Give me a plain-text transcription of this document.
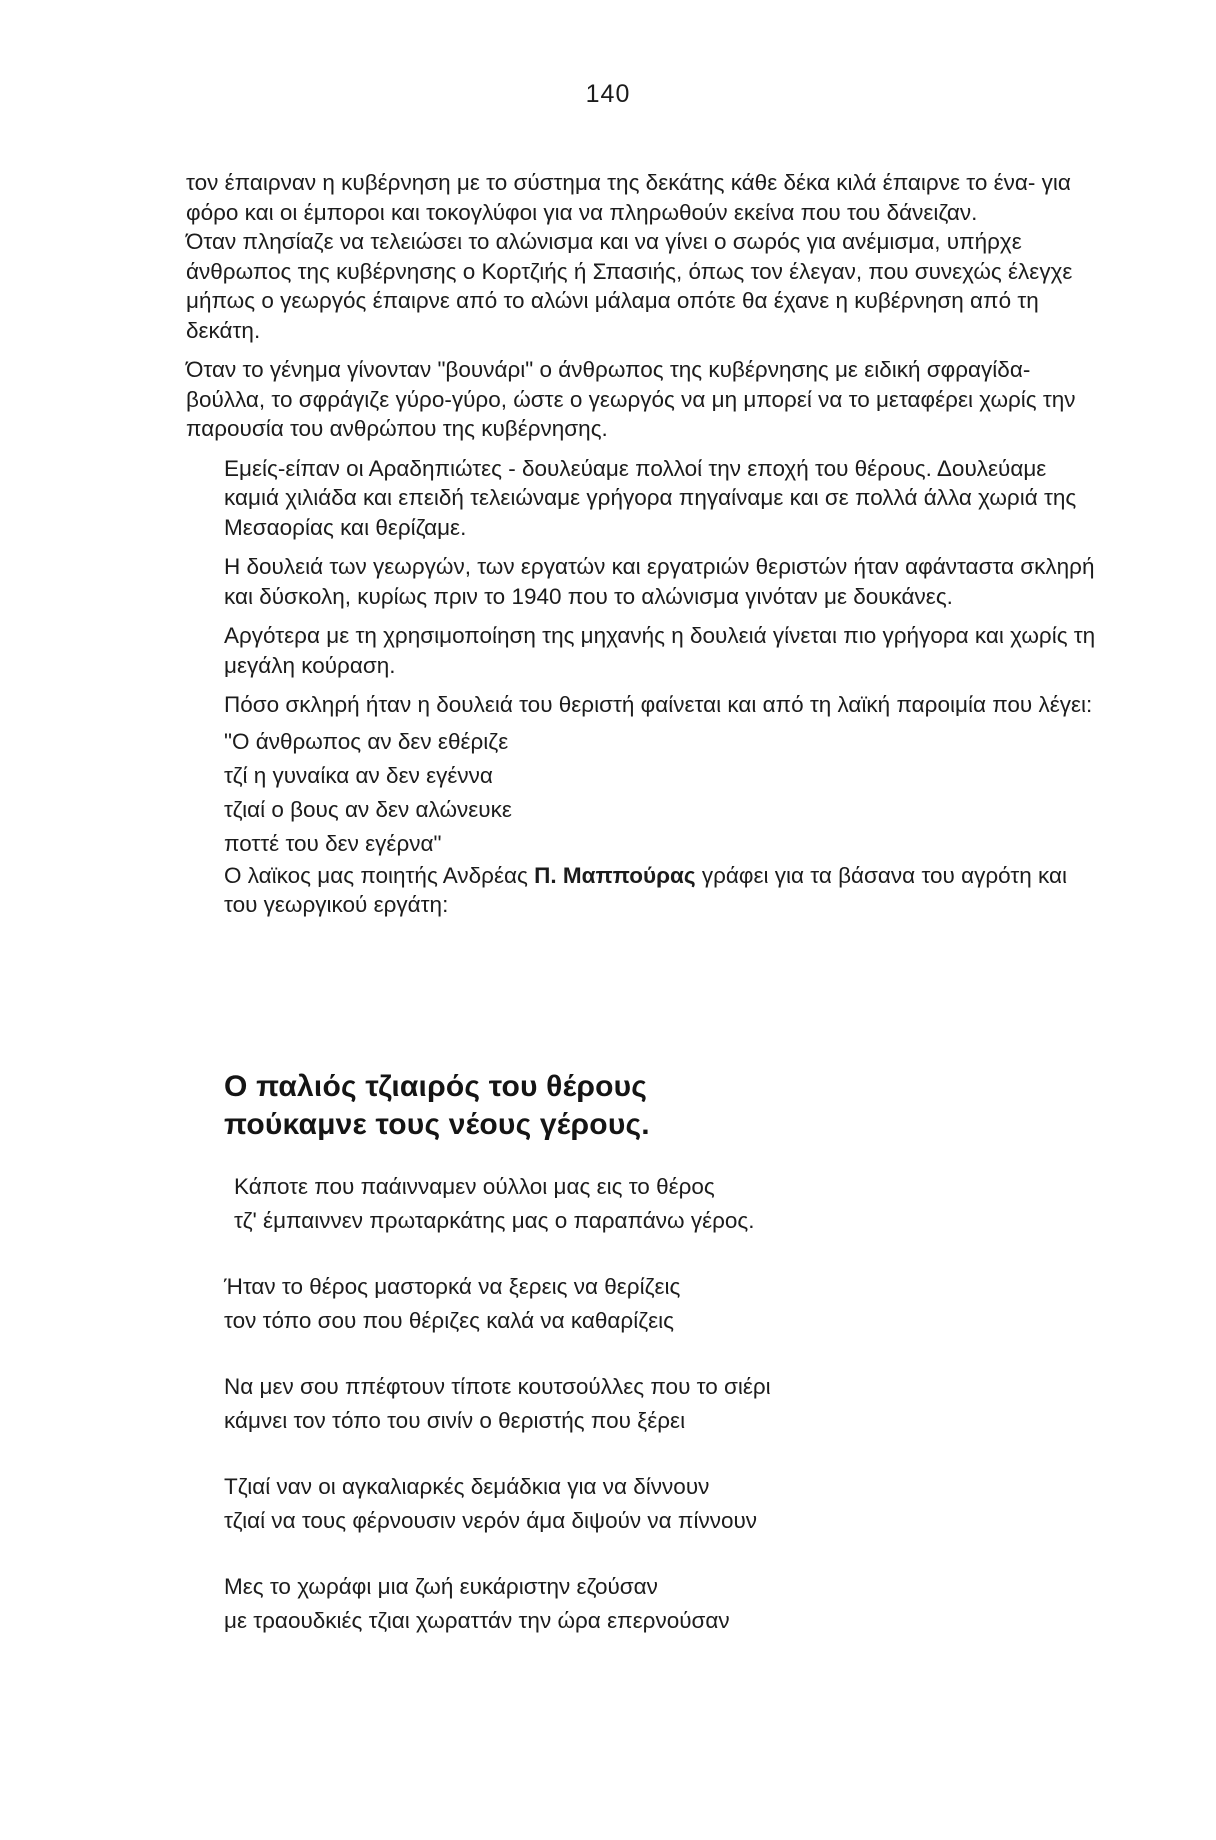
140

τον έπαιρναν η κυβέρνηση με το σύστημα της δεκάτης κάθε δέκα κιλά έπαιρνε το ένα- για φόρο και οι έμποροι και τοκογλύφοι για να πληρωθούν εκείνα που του δάνειζαν.

Όταν πλησίαζε να τελειώσει το αλώνισμα και να γίνει ο σωρός για ανέμισμα, υπήρχε άνθρωπος της κυβέρνησης ο Κορτζιής ή Σπασιής, όπως τον έλεγαν, που συνεχώς έλεγχε μήπως ο γεωργός έπαιρνε από το αλώνι μάλαμα οπότε θα έχανε η κυβέρνηση από τη δεκάτη.

Όταν το γένημα γίνονταν "βουνάρι" ο άνθρωπος της κυβέρνησης με ειδική σφραγίδα-βούλλα, το σφράγιζε γύρο-γύρο, ώστε ο γεωργός να μη μπορεί να το μεταφέρει χωρίς την παρουσία του ανθρώπου της κυβέρνησης.

Εμείς-είπαν οι Αραδηπιώτες - δουλεύαμε πολλοί την εποχή του θέρους. Δουλεύαμε καμιά χιλιάδα και επειδή τελειώναμε γρήγορα πηγαίναμε και σε πολλά άλλα χωριά της Μεσαορίας και θερίζαμε.

Η δουλειά των γεωργών, των εργατών και εργατριών θεριστών ήταν αφάνταστα σκληρή και δύσκολη, κυρίως πριν το 1940 που το αλώνισμα γινόταν με δουκάνες.

Αργότερα με τη χρησιμοποίηση της μηχανής η δουλειά γίνεται πιο γρήγορα και χωρίς τη μεγάλη κούραση.

Πόσο σκληρή ήταν η δουλειά του θεριστή φαίνεται και από τη λαϊκή παροιμία που λέγει:

"Ο άνθρωπος αν δεν εθέριζε
τζί η γυναίκα αν δεν εγέννα
τζιαί ο βους αν δεν αλώνευκε
ποττέ του δεν εγέρνα"

Ο λαϊκος μας ποιητής Ανδρέας Π. Μαππούρας γράφει για τα βάσανα του αγρότη και του γεωργικού εργάτη:

Ο παλιός τζιαιρός του θέρους
πούκαμνε τους νέους γέρους.
Κάποτε που παάινναμεν ούλλοι μας εις το θέρος
τζ' έμπαιννεν πρωταρκάτης μας ο παραπάνω γέρος.
Ήταν το θέρος μαστορκά να ξερεις να θερίζεις
τον τόπο σου που θέριζες καλά να καθαρίζεις
Να μεν σου ππέφτουν τίποτε κουτσούλλες που το σιέρι
κάμνει τον τόπο του σινίν ο θεριστής που ξέρει
Τζιαί ναν οι αγκαλιαρκές δεμάδκια για να δίννουν
τζιαί να τους φέρνουσιν νερόν άμα διψούν να πίννουν
Μες το χωράφι μια ζωή ευκάριστην εζούσαν
με τραουδκιές τζιαι χωραττάν την ώρα επερνούσαν
